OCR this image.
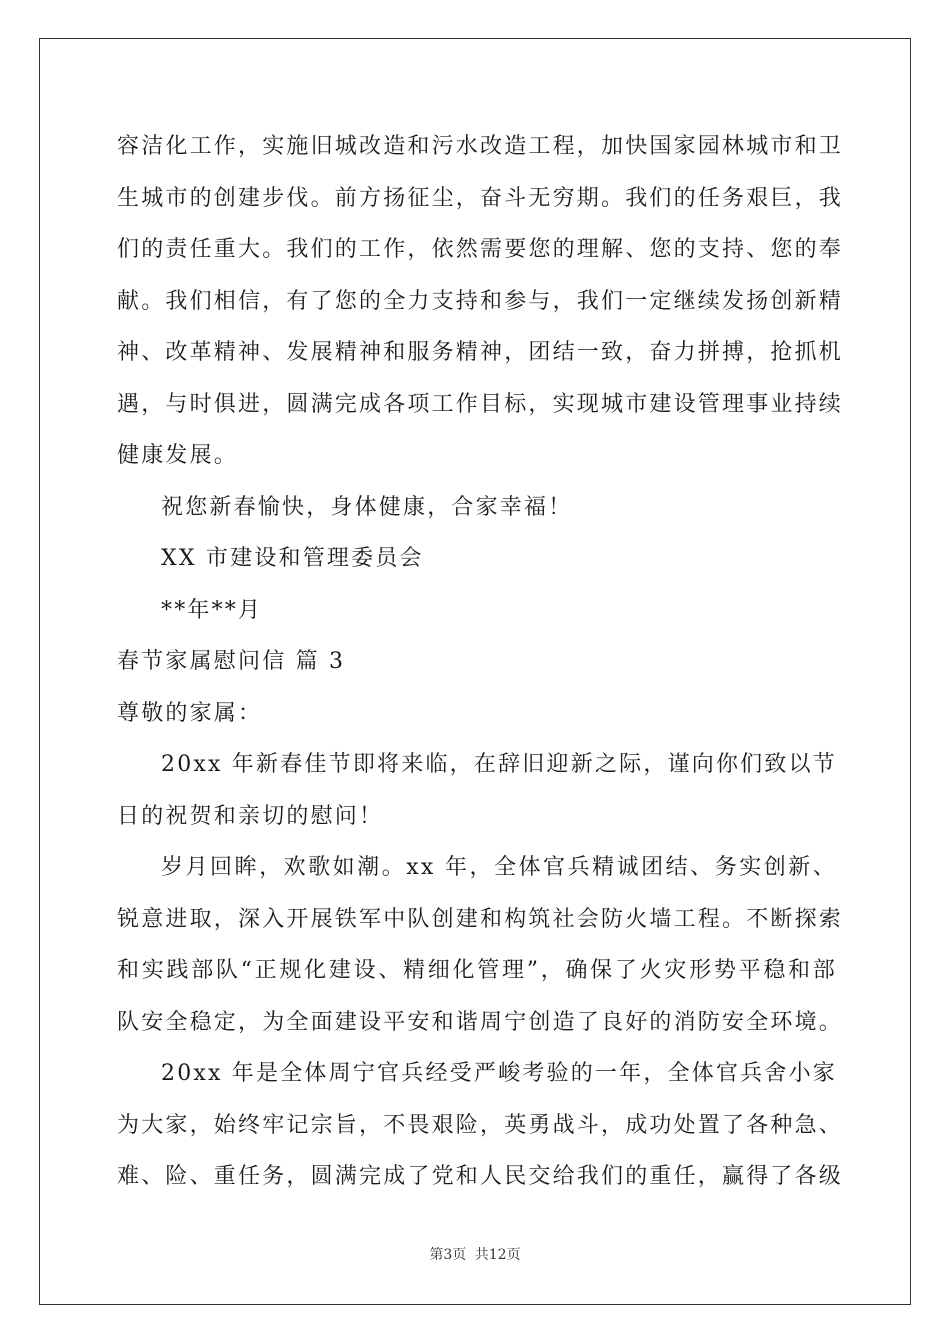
容洁化工作，实施旧城改造和污水改造工程，加快国家园林城市和卫
生城市的创建步伐。前方扬征尘，奋斗无穷期。我们的任务艰巨，我
们的责任重大。我们的工作，依然需要您的理解、您的支持、您的奉
献。我们相信，有了您的全力支持和参与，我们一定继续发扬创新精
神、改革精神、发展精神和服务精神，团结一致，奋力拼搏，抢抓机
遇，与时俱进，圆满完成各项工作目标，实现城市建设管理事业持续
健康发展。
祝您新春愉快，身体健康，合家幸福！
XX 市建设和管理委员会
**年**月
春节家属慰问信 篇 3
尊敬的家属：
20xx 年新春佳节即将来临，在辞旧迎新之际，谨向你们致以节
日的祝贺和亲切的慰问！
岁月回眸，欢歌如潮。xx 年，全体官兵精诚团结、务实创新、
锐意进取，深入开展铁军中队创建和构筑社会防火墙工程。不断探索
和实践部队“正规化建设、精细化管理”，确保了火灾形势平稳和部
队安全稳定，为全面建设平安和谐周宁创造了良好的消防安全环境。
20xx 年是全体周宁官兵经受严峻考验的一年，全体官兵舍小家
为大家，始终牢记宗旨，不畏艰险，英勇战斗，成功处置了各种急、
难、险、重任务，圆满完成了党和人民交给我们的重任，赢得了各级
第3页 共12页
